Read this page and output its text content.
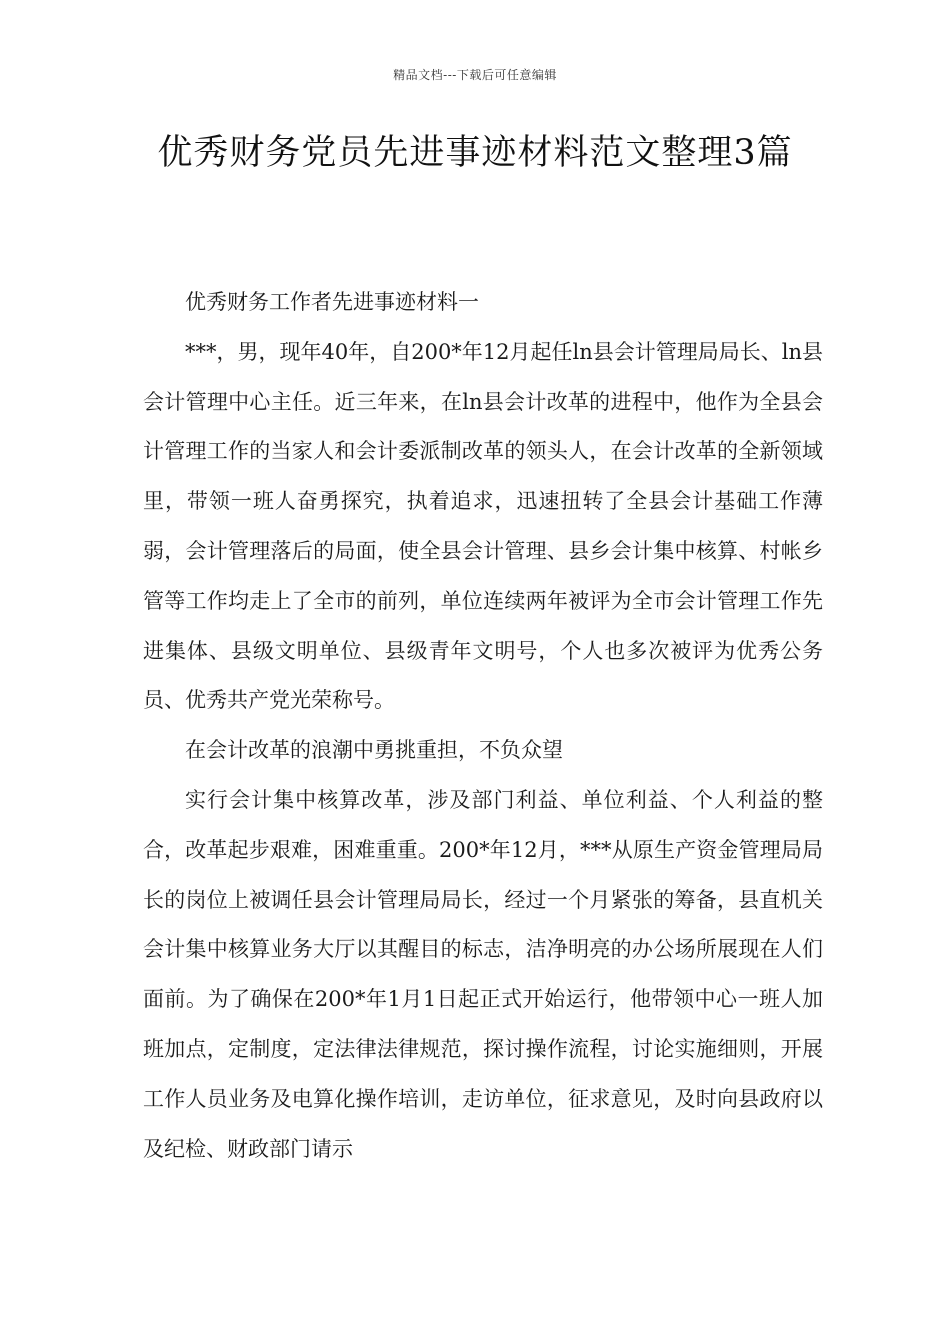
精品文档---下载后可任意编辑
优秀财务党员先进事迹材料范文整理3篇

优秀财务工作者先进事迹材料一

***，男，现年40年，自200*年12月起任ln县会计管理局局长、ln县会计管理中心主任。近三年来，在ln县会计改革的进程中，他作为全县会计管理工作的当家人和会计委派制改革的领头人，在会计改革的全新领域里，带领一班人奋勇探究，执着追求，迅速扭转了全县会计基础工作薄弱，会计管理落后的局面，使全县会计管理、县乡会计集中核算、村帐乡管等工作均走上了全市的前列，单位连续两年被评为全市会计管理工作先进集体、县级文明单位、县级青年文明号，个人也多次被评为优秀公务员、优秀共产党光荣称号。

在会计改革的浪潮中勇挑重担，不负众望

实行会计集中核算改革，涉及部门利益、单位利益、个人利益的整合，改革起步艰难，困难重重。200*年12月，***从原生产资金管理局局长的岗位上被调任县会计管理局局长，经过一个月紧张的筹备，县直机关会计集中核算业务大厅以其醒目的标志，洁净明亮的办公场所展现在人们面前。为了确保在200*年1月1日起正式开始运行，他带领中心一班人加班加点，定制度，定法律法律规范，探讨操作流程，讨论实施细则，开展工作人员业务及电算化操作培训，走访单位，征求意见，及时向县政府以及纪检、财政部门请示
